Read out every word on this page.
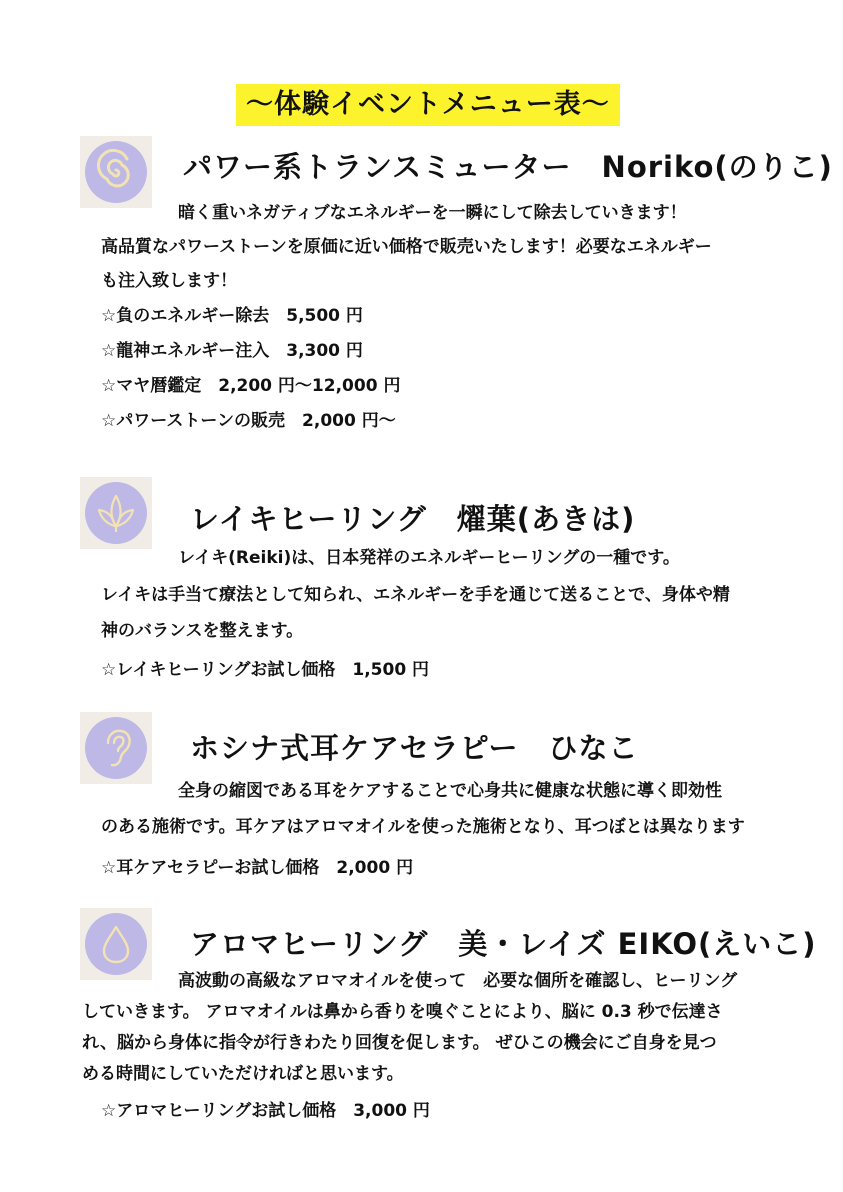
～体験イベントメニュー表～
パワー系トランスミューター　Noriko(のりこ)
暗く重いネガティブなエネルギーを一瞬にして除去していきます！
高品質なパワーストーンを原価に近い価格で販売いたします！必要なエネルギー
も注入致します！
☆負のエネルギー除去　5,500 円
☆龍神エネルギー注入　3,300 円
☆マヤ暦鑑定　2,200 円～12,000 円
☆パワーストーンの販売　2,000 円～
レイキヒーリング　燿葉(あきは)
レイキ(Reiki)は、日本発祥のエネルギーヒーリングの一種です。
レイキは手当て療法として知られ、エネルギーを手を通じて送ることで、身体や精
神のバランスを整えます。
☆レイキヒーリングお試し価格　1,500 円
ホシナ式耳ケアセラピー　ひなこ
全身の縮図である耳をケアすることで心身共に健康な状態に導く即効性
のある施術です。耳ケアはアロマオイルを使った施術となり、耳つぼとは異なります
☆耳ケアセラピーお試し価格　2,000 円
アロマヒーリング　美・レイズ EIKO(えいこ)
高波動の高級なアロマオイルを使って　必要な個所を確認し、ヒーリング
していきます。 アロマオイルは鼻から香りを嗅ぐことにより、脳に 0.3 秒で伝達さ
れ、脳から身体に指令が行きわたり回復を促します。 ぜひこの機会にご自身を見つ
める時間にしていただければと思います。
☆アロマヒーリングお試し価格　3,000 円
